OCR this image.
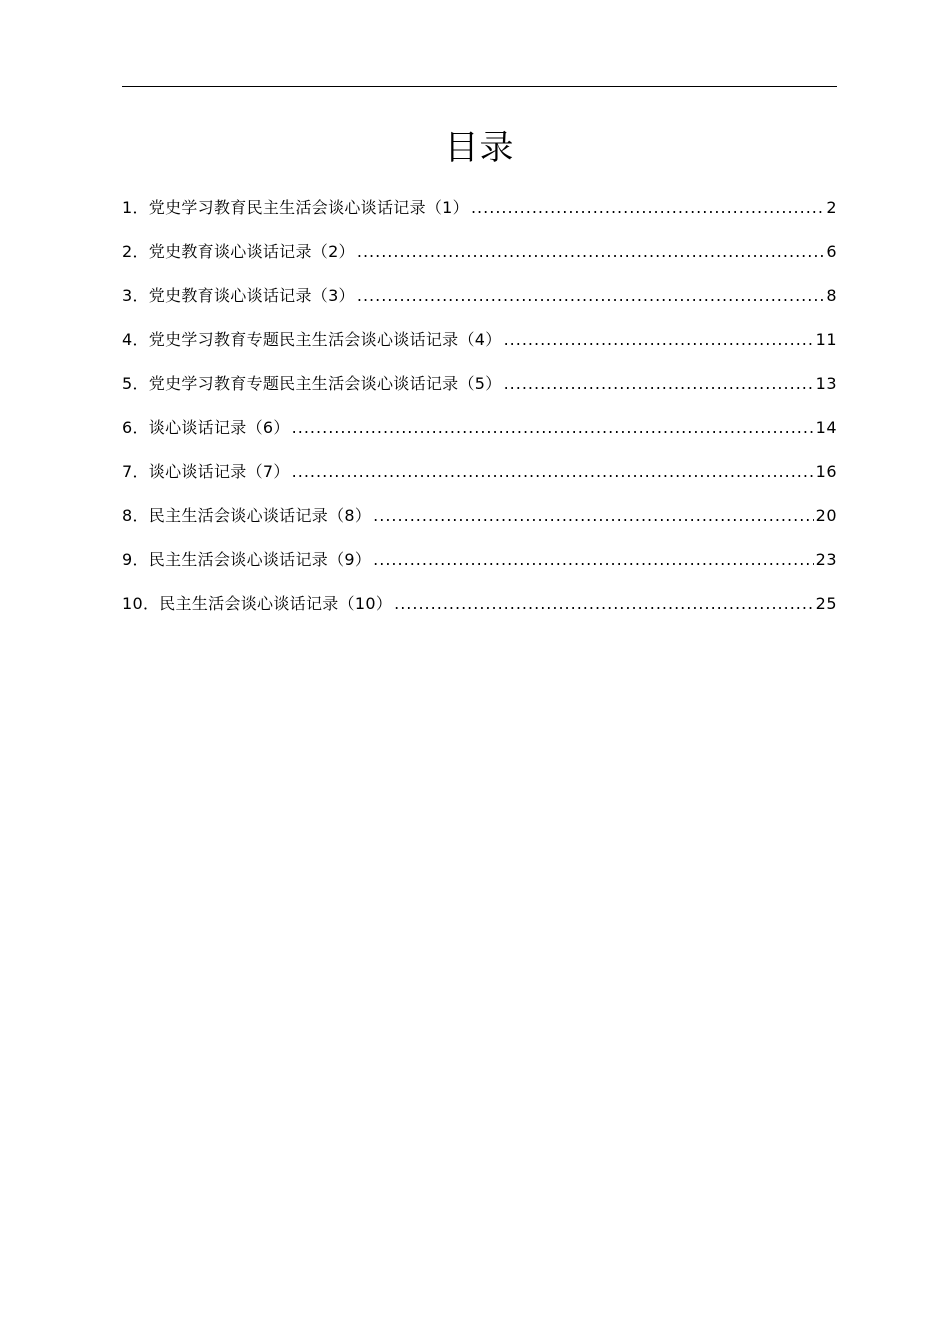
目录
1．党史学习教育民主生活会谈心谈话记录（1） .....	2
2．党史教育谈心谈话记录（2） .....	6
3．党史教育谈心谈话记录（3） .....	8
4．党史学习教育专题民主生活会谈心谈话记录（4） .....	11
5．党史学习教育专题民主生活会谈心谈话记录（5） .....	13
6．谈心谈话记录（6） .....	14
7．谈心谈话记录（7） .....	16
8．民主生活会谈心谈话记录（8） .....	20
9．民主生活会谈心谈话记录（9） .....	23
10．民主生活会谈心谈话记录（10） .....	25
